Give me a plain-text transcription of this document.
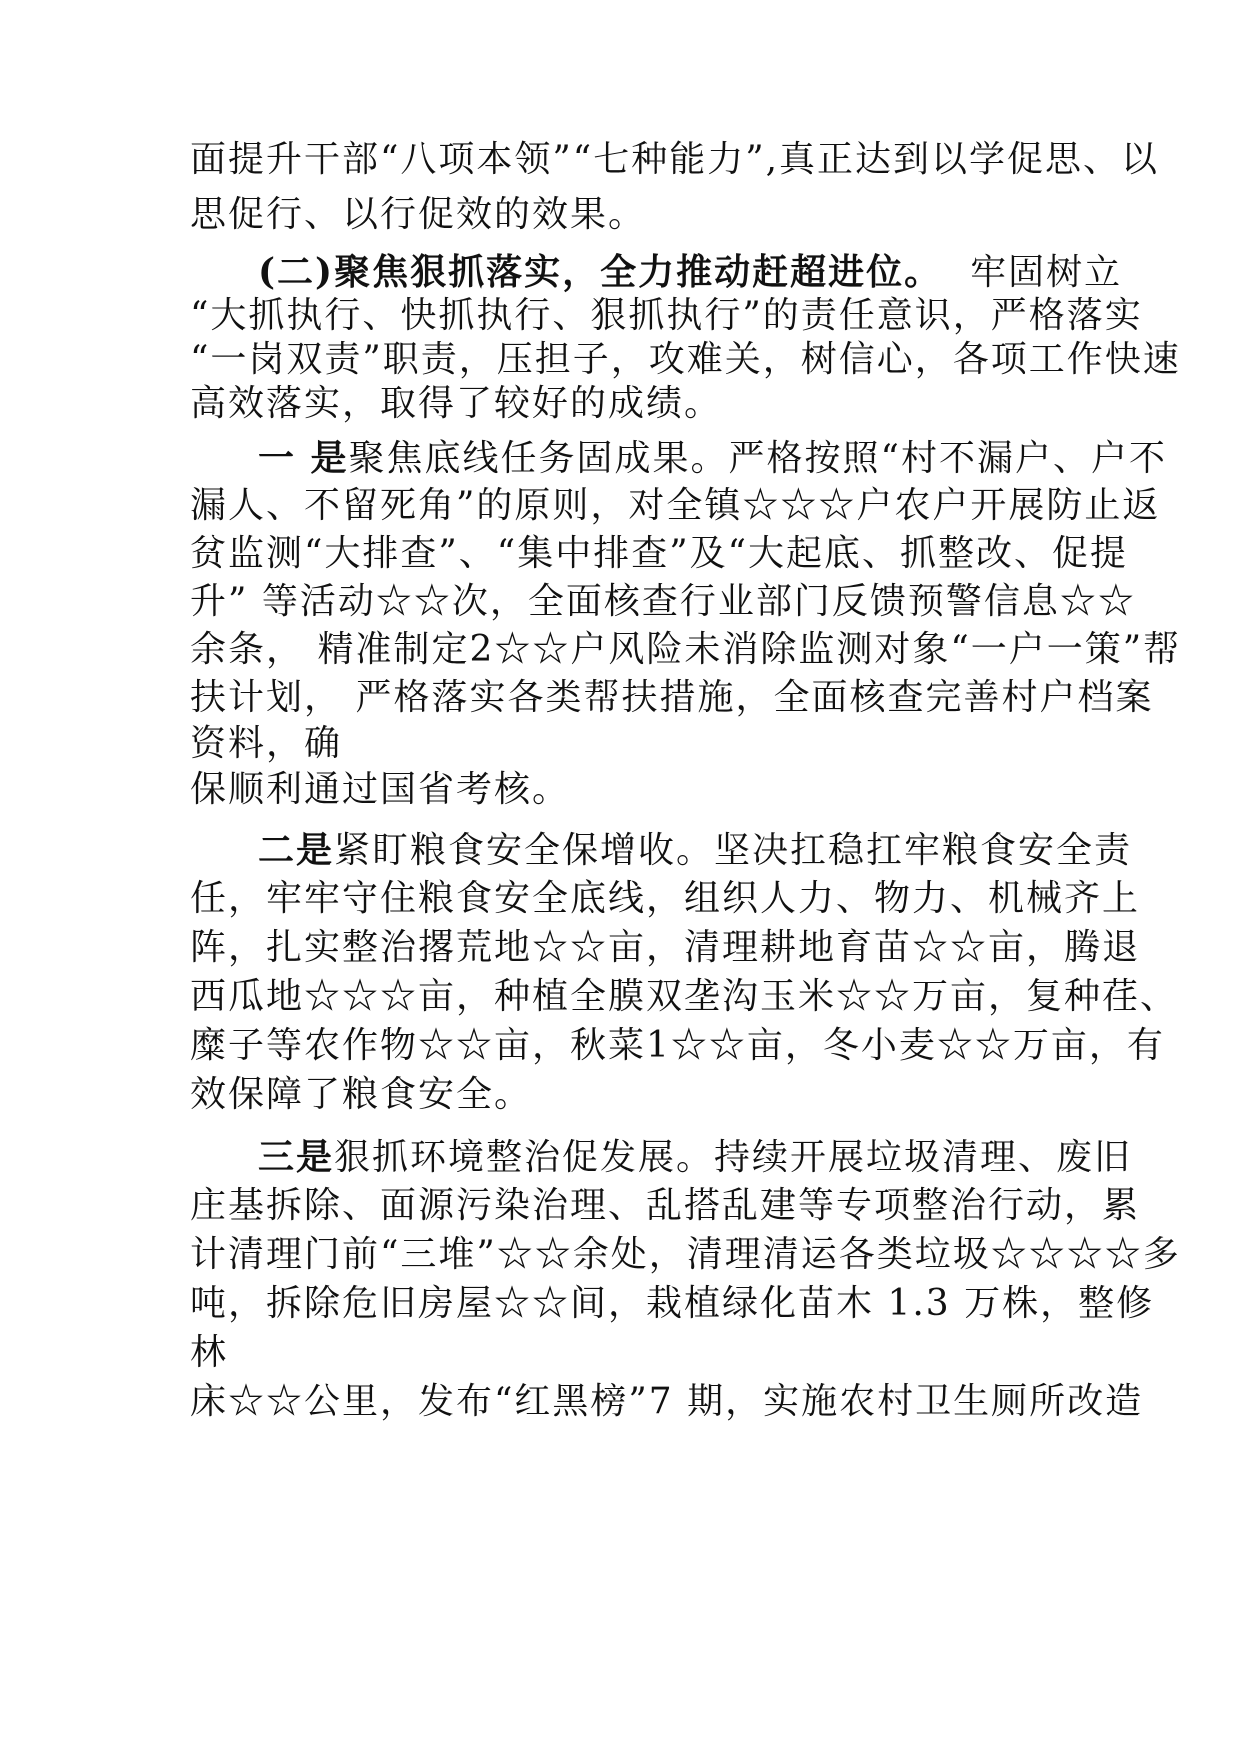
面提升干部“八项本领”“七种能力”,真正达到以学促思、以
思促行、以行促效的效果。
(二)聚焦狠抓落实，全力推动赶超进位。 牢固树立
“大抓执行、快抓执行、狠抓执行”的责任意识，严格落实
“一岗双责”职责，压担子，攻难关，树信心，各项工作快速
高效落实，取得了较好的成绩。
一 是聚焦底线任务固成果。严格按照“村不漏户、户不
漏人、不留死角”的原则，对全镇☆☆☆户农户开展防止返
贫监测“大排查”、“集中排查”及“大起底、抓整改、促提
升” 等活动☆☆次，全面核查行业部门反馈预警信息☆☆
余条， 精准制定2☆☆户风险未消除监测对象“一户一策”帮
扶计划， 严格落实各类帮扶措施，全面核查完善村户档案
资料，确
保顺利通过国省考核。
二是紧盯粮食安全保增收。坚决扛稳扛牢粮食安全责
任，牢牢守住粮食安全底线，组织人力、物力、机械齐上
阵，扎实整治撂荒地☆☆亩，清理耕地育苗☆☆亩，腾退
西瓜地☆☆☆亩，种植全膜双垄沟玉米☆☆万亩，复种荏、
糜子等农作物☆☆亩，秋菜1☆☆亩，冬小麦☆☆万亩，有
效保障了粮食安全。
三是狠抓环境整治促发展。持续开展垃圾清理、废旧
庄基拆除、面源污染治理、乱搭乱建等专项整治行动，累
计清理门前“三堆”☆☆余处，清理清运各类垃圾☆☆☆☆多
吨，拆除危旧房屋☆☆间，栽植绿化苗木 1.3 万株，整修
林
床☆☆公里，发布“红黑榜”7 期，实施农村卫生厕所改造
